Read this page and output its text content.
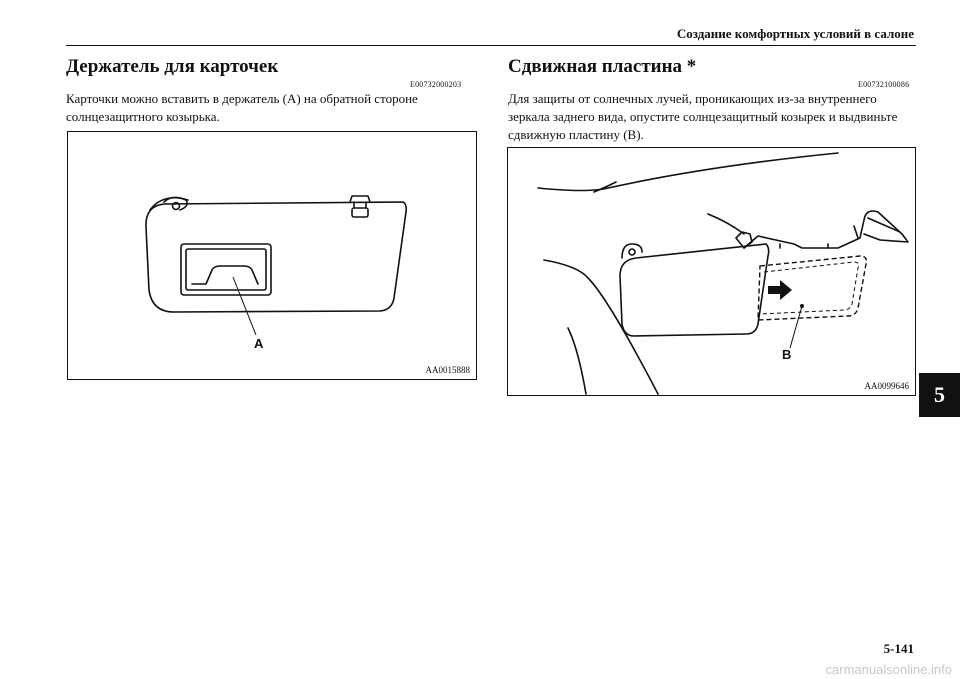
Создание комфортных условий в салоне
Держатель для карточек
E00732000203
Карточки можно вставить в держатель (A) на обратной стороне
солнцезащитного козырька.
A
AA0015888
Сдвижная пластина *
E00732100086
Для защиты от солнечных лучей, проникающих из-за внутреннего
зеркала заднего вида, опустите солнцезащитный козырек и выдвиньте
сдвижную пластину (B).
B
AA0099646	5
5-141
carmanualsonline.info
